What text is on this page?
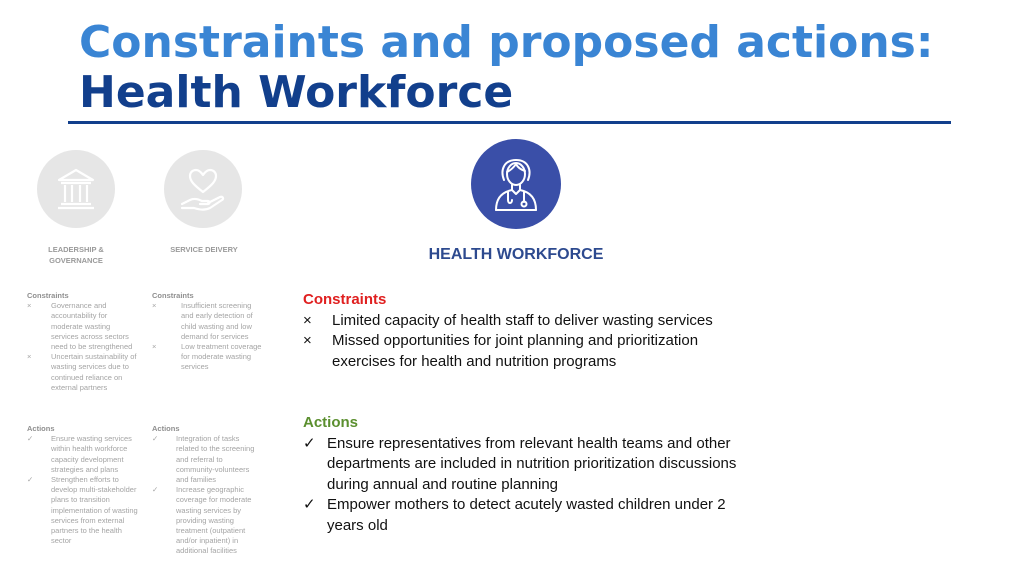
Constraints and proposed actions:
Health Workforce
LEADERSHIP & GOVERNANCE
SERVICE DEIVERY	HEALTH WORKFORCE
Constraints
×	Governance and accountability for moderate wasting services across sectors need to be strengthened
×	Uncertain sustainability of wasting services due to continued reliance on external partners
Actions
✓	Ensure wasting services within health workforce capacity development strategies and plans
✓	Strengthen efforts to develop multi-stakeholder plans to transition implementation of wasting services from external partners to the health sector
Constraints
×	Insufficient screening and early detection of child wasting and low demand for services
×	Low treatment coverage for moderate wasting services
Actions
✓	Integration of tasks related to the screening and referral to community-volunteers and families
✓	Increase geographic coverage for moderate wasting services by providing wasting treatment (outpatient and/or inpatient) in additional facilities
Constraints
×	Limited capacity of health staff to deliver wasting services
×	Missed opportunities for joint planning and prioritization exercises for health and nutrition programs
Actions
✓ Ensure representatives from relevant health teams and other departments are included in nutrition prioritization discussions during annual and routine planning
✓ Empower mothers to detect acutely wasted children under 2 years old
